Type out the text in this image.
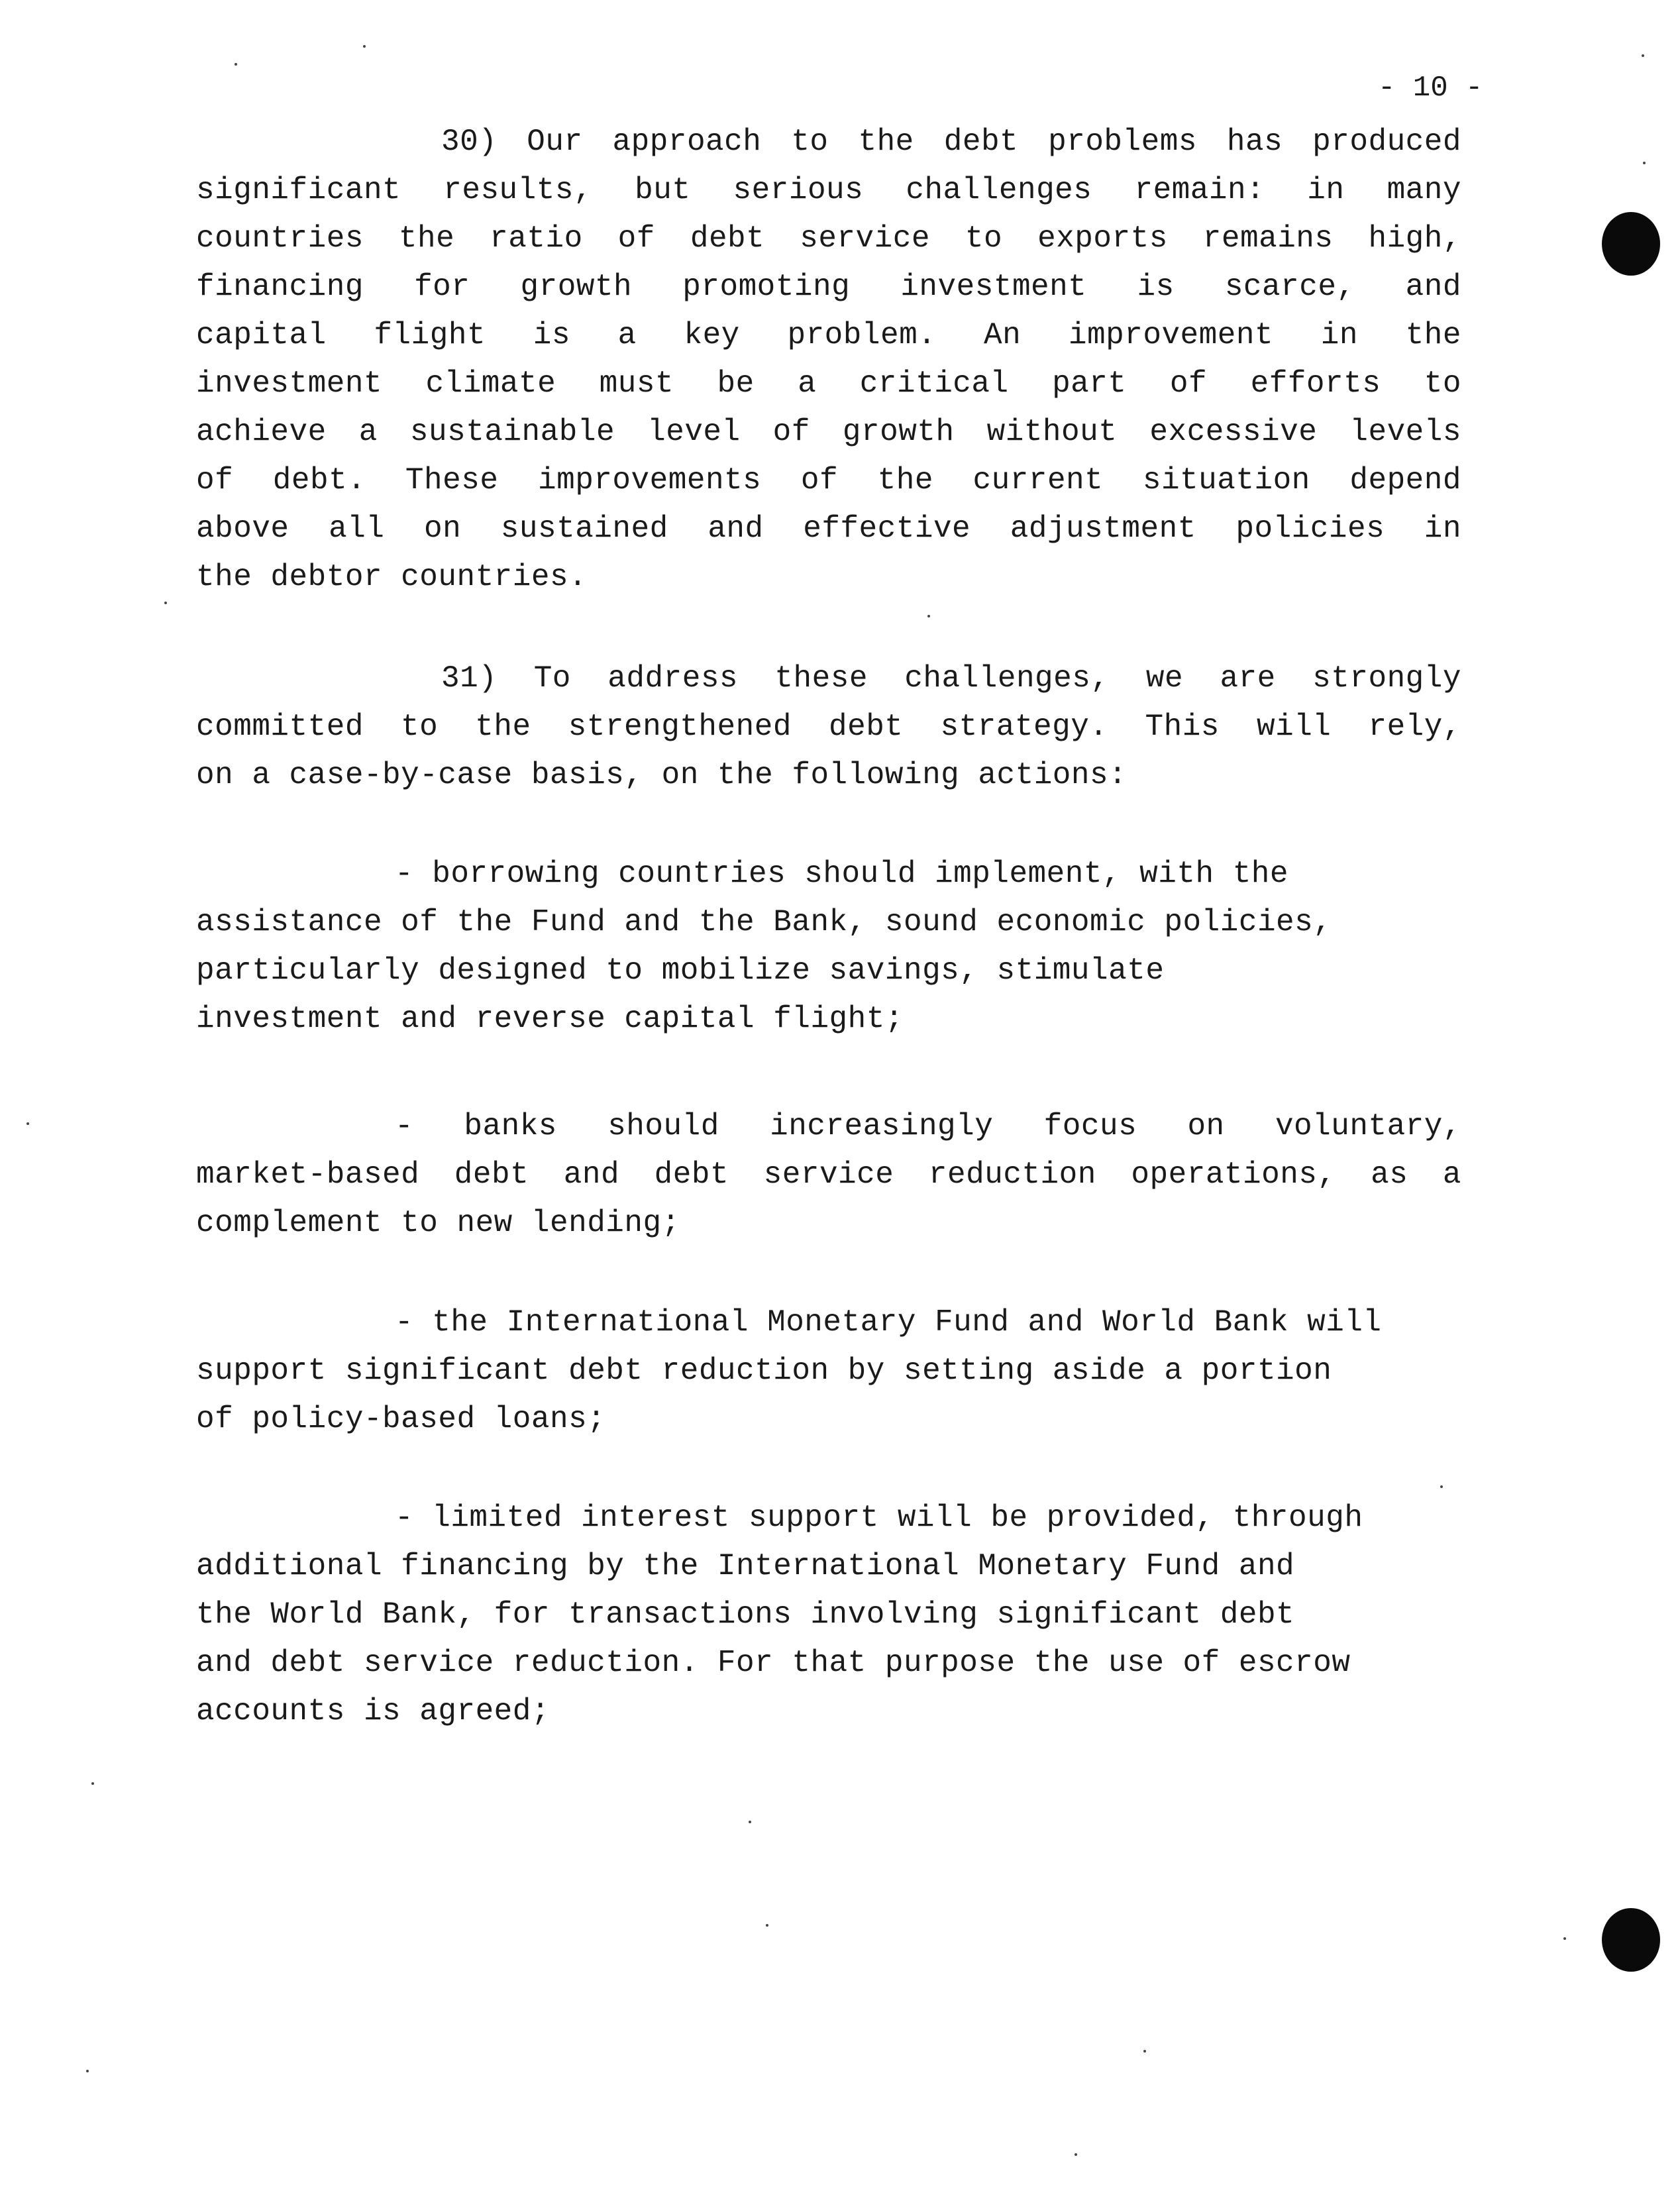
- 10 -
30) Our approach to the debt problems has produced
significant results, but serious challenges remain: in many
countries the ratio of debt service to exports remains high,
financing for growth promoting investment is scarce, and
capital flight is a key problem. An improvement in the
investment climate must be a critical part of efforts to
achieve a sustainable level of growth without excessive levels
of debt. These improvements of the current situation depend
above all on sustained and effective adjustment policies in
the debtor countries.
31) To address these challenges, we are strongly
committed to the strengthened debt strategy. This will rely,
on a case-by-case basis, on the following actions:
- borrowing countries should implement, with the
assistance of the Fund and the Bank, sound economic policies,
particularly designed to mobilize savings, stimulate
investment and reverse capital flight;
- banks should increasingly focus on voluntary,
market-based debt and debt service reduction operations, as a
complement to new lending;
- the International Monetary Fund and World Bank will
support significant debt reduction by setting aside a portion
of policy-based loans;
- limited interest support will be provided, through
additional financing by the International Monetary Fund and
the World Bank, for transactions involving significant debt
and debt service reduction. For that purpose the use of escrow
accounts is agreed;
